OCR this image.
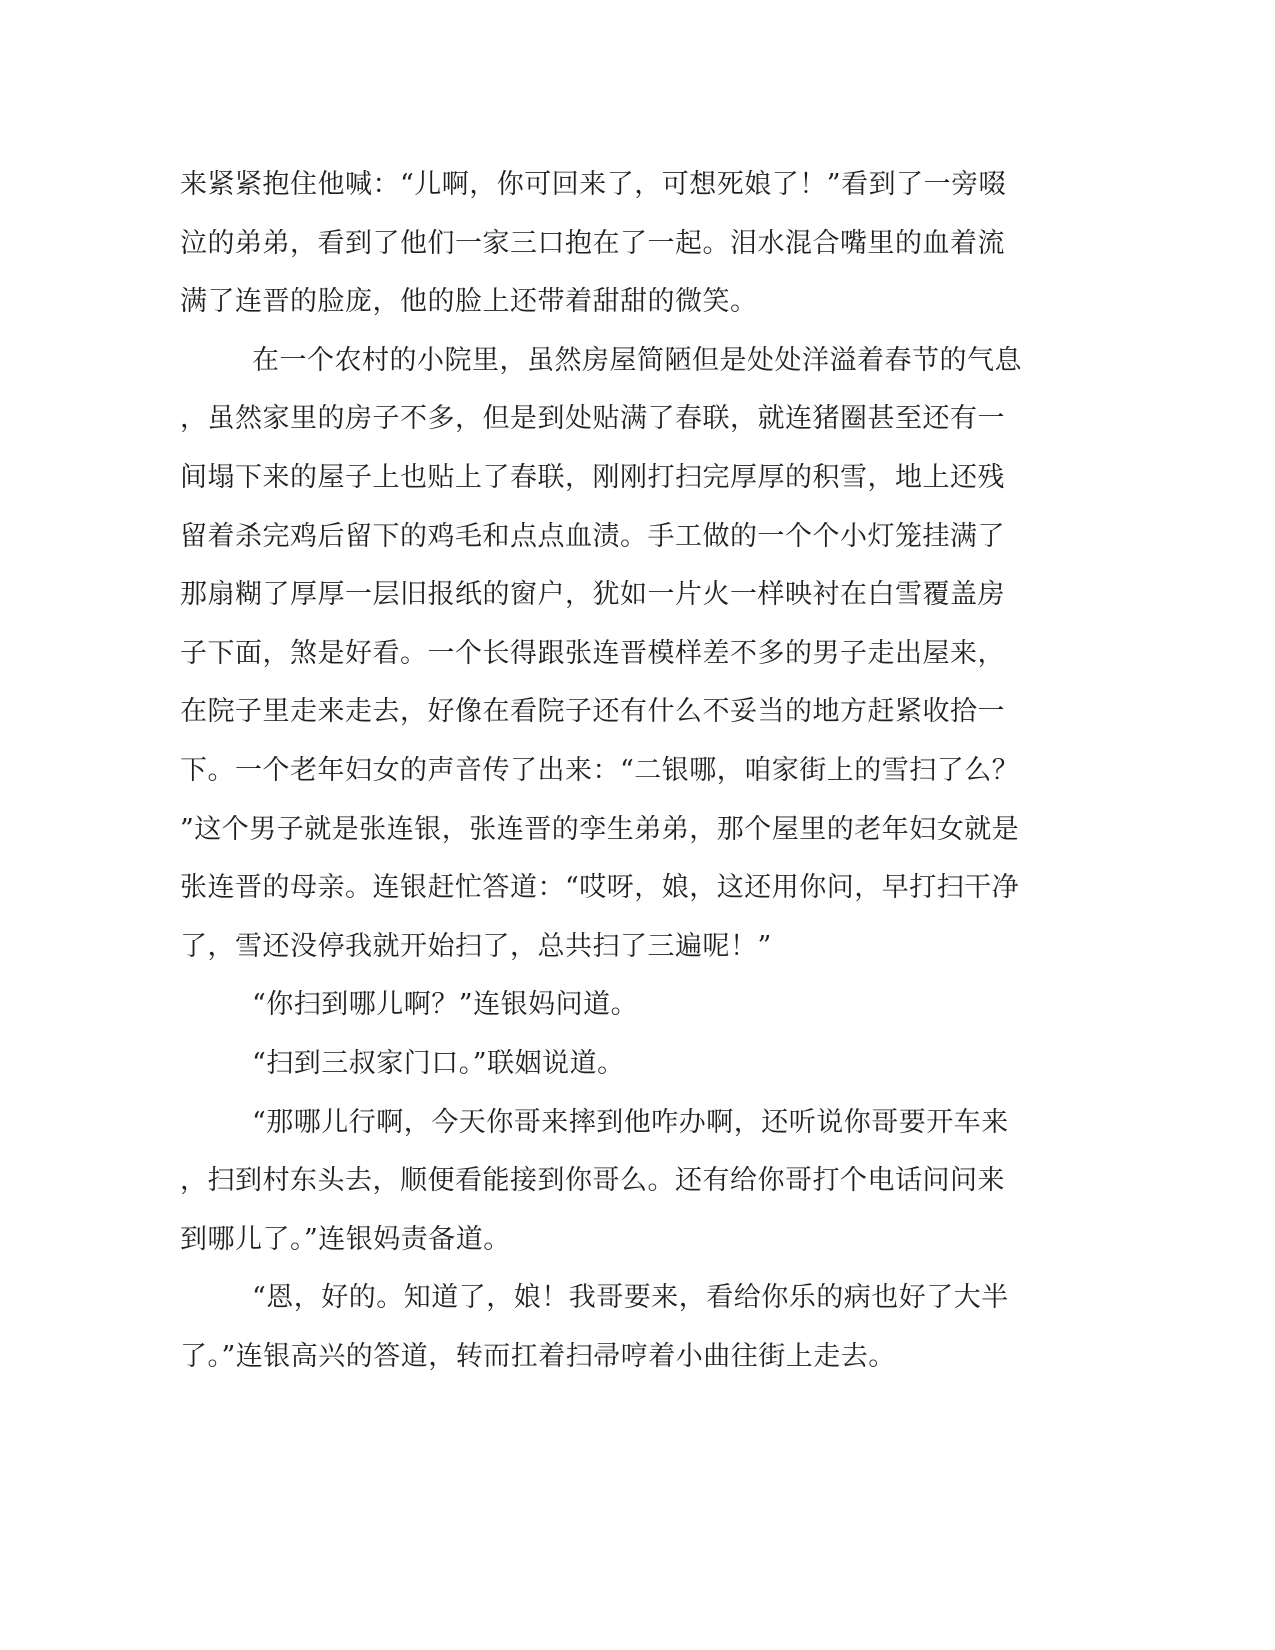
来紧紧抱住他喊：“儿啊，你可回来了，可想死娘了！”看到了一旁啜
泣的弟弟，看到了他们一家三口抱在了一起。泪水混合嘴里的血着流
满了连晋的脸庞，他的脸上还带着甜甜的微笑。
在一个农村的小院里，虽然房屋简陋但是处处洋溢着春节的气息
，虽然家里的房子不多，但是到处贴满了春联，就连猪圈甚至还有一
间塌下来的屋子上也贴上了春联，刚刚打扫完厚厚的积雪，地上还残
留着杀完鸡后留下的鸡毛和点点血渍。手工做的一个个小灯笼挂满了
那扇糊了厚厚一层旧报纸的窗户，犹如一片火一样映衬在白雪覆盖房
子下面，煞是好看。一个长得跟张连晋模样差不多的男子走出屋来，
在院子里走来走去，好像在看院子还有什么不妥当的地方赶紧收拾一
下。一个老年妇女的声音传了出来：“二银哪，咱家街上的雪扫了么？
”这个男子就是张连银，张连晋的孪生弟弟，那个屋里的老年妇女就是
张连晋的母亲。连银赶忙答道：“哎呀，娘，这还用你问，早打扫干净
了，雪还没停我就开始扫了，总共扫了三遍呢！”
“你扫到哪儿啊？”连银妈问道。
“扫到三叔家门口。”联姻说道。
“那哪儿行啊，今天你哥来摔到他咋办啊，还听说你哥要开车来
，扫到村东头去，顺便看能接到你哥么。还有给你哥打个电话问问来
到哪儿了。”连银妈责备道。
“恩，好的。知道了，娘！我哥要来，看给你乐的病也好了大半
了。”连银高兴的答道，转而扛着扫帚哼着小曲往街上走去。
